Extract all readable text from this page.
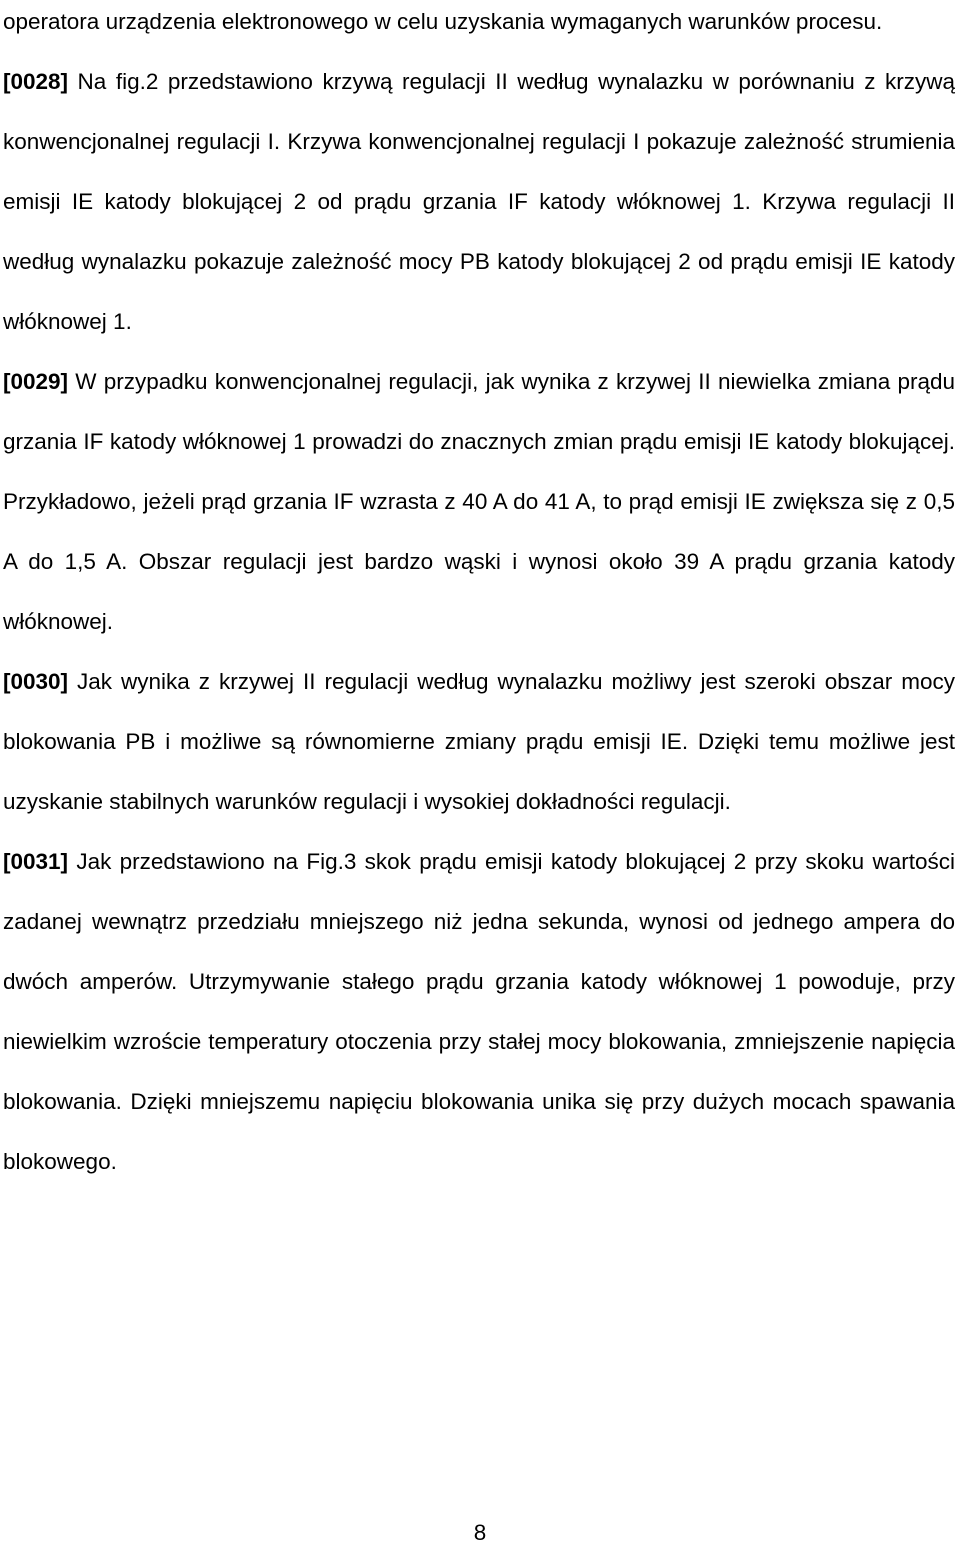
operatora urządzenia elektronowego w celu uzyskania wymaganych warunków procesu.

[0028] Na fig.2 przedstawiono krzywą regulacji II według wynalazku w porównaniu z krzywą konwencjonalnej regulacji I. Krzywa konwencjonalnej regulacji I pokazuje zależność strumienia emisji IE katody blokującej 2 od prądu grzania IF katody włóknowej 1. Krzywa regulacji II według wynalazku pokazuje zależność mocy PB katody blokującej 2 od prądu emisji IE katody włóknowej 1.

[0029] W przypadku konwencjonalnej regulacji, jak wynika z krzywej II niewielka zmiana prądu grzania IF katody włóknowej 1 prowadzi do znacznych zmian prądu emisji IE katody blokującej. Przykładowo, jeżeli prąd grzania IF wzrasta z 40 A do 41 A, to prąd emisji IE zwiększa się z 0,5 A do 1,5 A. Obszar regulacji jest bardzo wąski i wynosi około 39 A prądu grzania katody włóknowej.

[0030] Jak wynika z krzywej II regulacji według wynalazku możliwy jest szeroki obszar mocy blokowania PB i możliwe są równomierne zmiany prądu emisji IE. Dzięki temu możliwe jest uzyskanie stabilnych warunków regulacji i wysokiej dokładności regulacji.

[0031] Jak przedstawiono na Fig.3 skok prądu emisji katody blokującej 2 przy skoku wartości zadanej wewnątrz przedziału mniejszego niż jedna sekunda, wynosi od jednego ampera do dwóch amperów. Utrzymywanie stałego prądu grzania katody włóknowej 1 powoduje, przy niewielkim wzroście temperatury otoczenia przy stałej mocy blokowania, zmniejszenie napięcia blokowania. Dzięki mniejszemu napięciu blokowania unika się przy dużych mocach spawania blokowego.

8
